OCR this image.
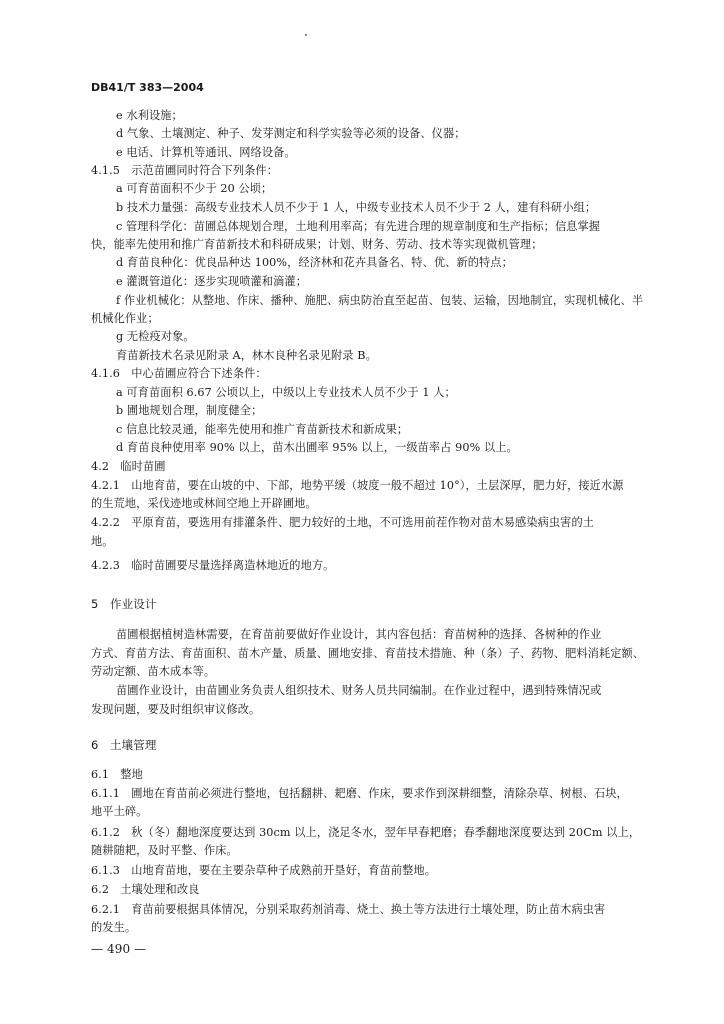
DB41/T 383—2004
e 水利设施；
d 气象、土壤测定、种子、发芽测定和科学实验等必须的设备、仪器；
e 电话、计算机等通讯、网络设备。
4.1.5　示范苗圃同时符合下列条件：
a 可育苗面积不少于 20 公顷；
b 技术力量强：高级专业技术人员不少于 1 人，中级专业技术人员不少于 2 人，建有科研小组；
c 管理科学化：苗圃总体规划合理，土地利用率高；有先进合理的规章制度和生产指标；信息掌握
快，能率先使用和推广育苗新技术和科研成果；计划、财务、劳动、技术等实现微机管理；
d 育苗良种化：优良品种达 100%，经济林和花卉具备名、特、优、新的特点；
e 灌溉管道化：逐步实现喷灌和滴灌；
f 作业机械化：从整地、作床、播种、施肥、病虫防治直至起苗、包装、运输，因地制宜，实现机械化、半
机械化作业；
g 无检疫对象。
育苗新技术名录见附录 A，林木良种名录见附录 B。
4.1.6　中心苗圃应符合下述条件：
a 可育苗面积 6.67 公顷以上，中级以上专业技术人员不少于 1 人；
b 圃地规划合理，制度健全；
c 信息比较灵通，能率先使用和推广育苗新技术和新成果；
d 育苗良种使用率 90% 以上，苗木出圃率 95% 以上，一级苗率占 90% 以上。
4.2　临时苗圃
4.2.1　山地育苗，要在山坡的中、下部，地势平缓（坡度一般不超过 10°），土层深厚，肥力好，接近水源
的生荒地，采伐迹地或林间空地上开辟圃地。
4.2.2　平原育苗，要选用有排灌条件、肥力较好的土地，不可选用前茬作物对苗木易感染病虫害的土
地。
4.2.3　临时苗圃要尽量选择离造林地近的地方。
5　作业设计
苗圃根据植树造林需要，在育苗前要做好作业设计，其内容包括：育苗树种的选择、各树种的作业
方式、育苗方法、育苗面积、苗木产量、质量、圃地安排、育苗技术措施、种（条）子、药物、肥料消耗定额、
劳动定额、苗木成本等。
苗圃作业设计，由苗圃业务负责人组织技术、财务人员共同编制。在作业过程中，遇到特殊情况或
发现问题，要及时组织审议修改。
6　土壤管理
6.1　整地
6.1.1　圃地在育苗前必须进行整地，包括翻耕、耙磨、作床，要求作到深耕细整，清除杂草、树根、石块，
地平土碎。
6.1.2　秋（冬）翻地深度要达到 30cm 以上，浇足冬水，翌年早春耙磨；春季翻地深度要达到 20Cm 以上，
随耕随耙，及时平整、作床。
6.1.3　山地育苗地，要在主要杂草种子成熟前开垦好，育苗前整地。
6.2　土壤处理和改良
6.2.1　育苗前要根据具体情况，分别采取药剂消毒、烧土、换土等方法进行土壤处理，防止苗木病虫害
的发生。
— 490 —
